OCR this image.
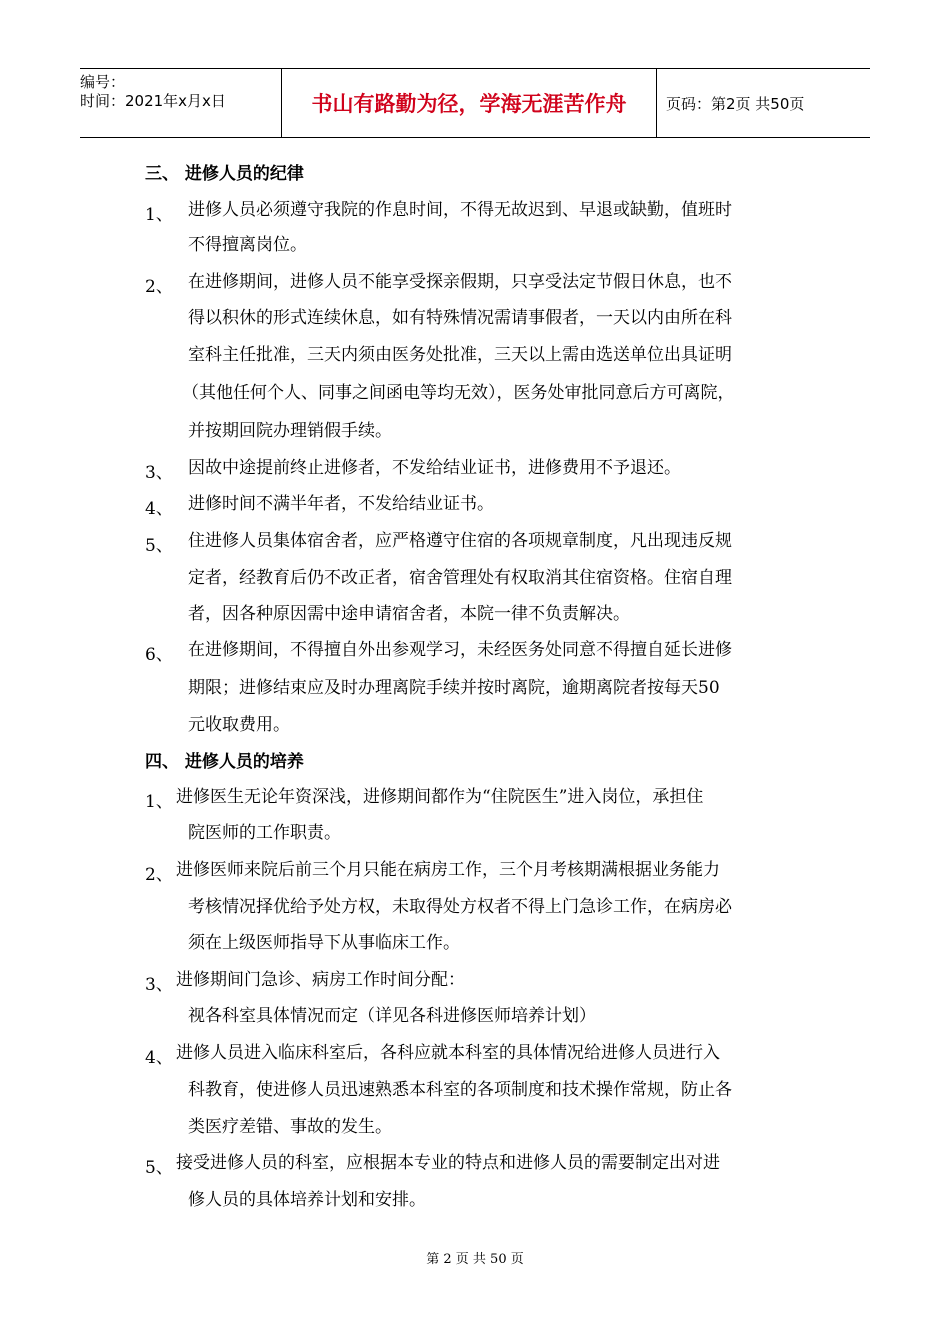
编号：
时间：2021年x月x日	书山有路勤为径，学海无涯苦作舟	页码：第2页 共50页
三、 进修人员的纪律
1、 进修人员必须遵守我院的作息时间，不得无故迟到、早退或缺勤，值班时
不得擅离岗位。
2、 在进修期间，进修人员不能享受探亲假期，只享受法定节假日休息，也不
得以积休的形式连续休息，如有特殊情况需请事假者，一天以内由所在科
室科主任批准，三天内须由医务处批准，三天以上需由选送单位出具证明
（其他任何个人、同事之间函电等均无效），医务处审批同意后方可离院，
并按期回院办理销假手续。
3、 因故中途提前终止进修者，不发给结业证书，进修费用不予退还。
4、 进修时间不满半年者，不发给结业证书。
5、 住进修人员集体宿舍者，应严格遵守住宿的各项规章制度，凡出现违反规
定者，经教育后仍不改正者，宿舍管理处有权取消其住宿资格。住宿自理
者，因各种原因需中途申请宿舍者，本院一律不负责解决。
6、 在进修期间，不得擅自外出参观学习，未经医务处同意不得擅自延长进修
期限；进修结束应及时办理离院手续并按时离院，逾期离院者按每天50
元收取费用。
四、 进修人员的培养
1、 进修医生无论年资深浅，进修期间都作为“住院医生”进入岗位，承担住
院医师的工作职责。
2、 进修医师来院后前三个月只能在病房工作，三个月考核期满根据业务能力
考核情况择优给予处方权，未取得处方权者不得上门急诊工作，在病房必
须在上级医师指导下从事临床工作。
3、 进修期间门急诊、病房工作时间分配：
视各科室具体情况而定（详见各科进修医师培养计划）
4、 进修人员进入临床科室后，各科应就本科室的具体情况给进修人员进行入
科教育，使进修人员迅速熟悉本科室的各项制度和技术操作常规，防止各
类医疗差错、事故的发生。
5、 接受进修人员的科室，应根据本专业的特点和进修人员的需要制定出对进
修人员的具体培养计划和安排。
第 2 页 共 50 页
